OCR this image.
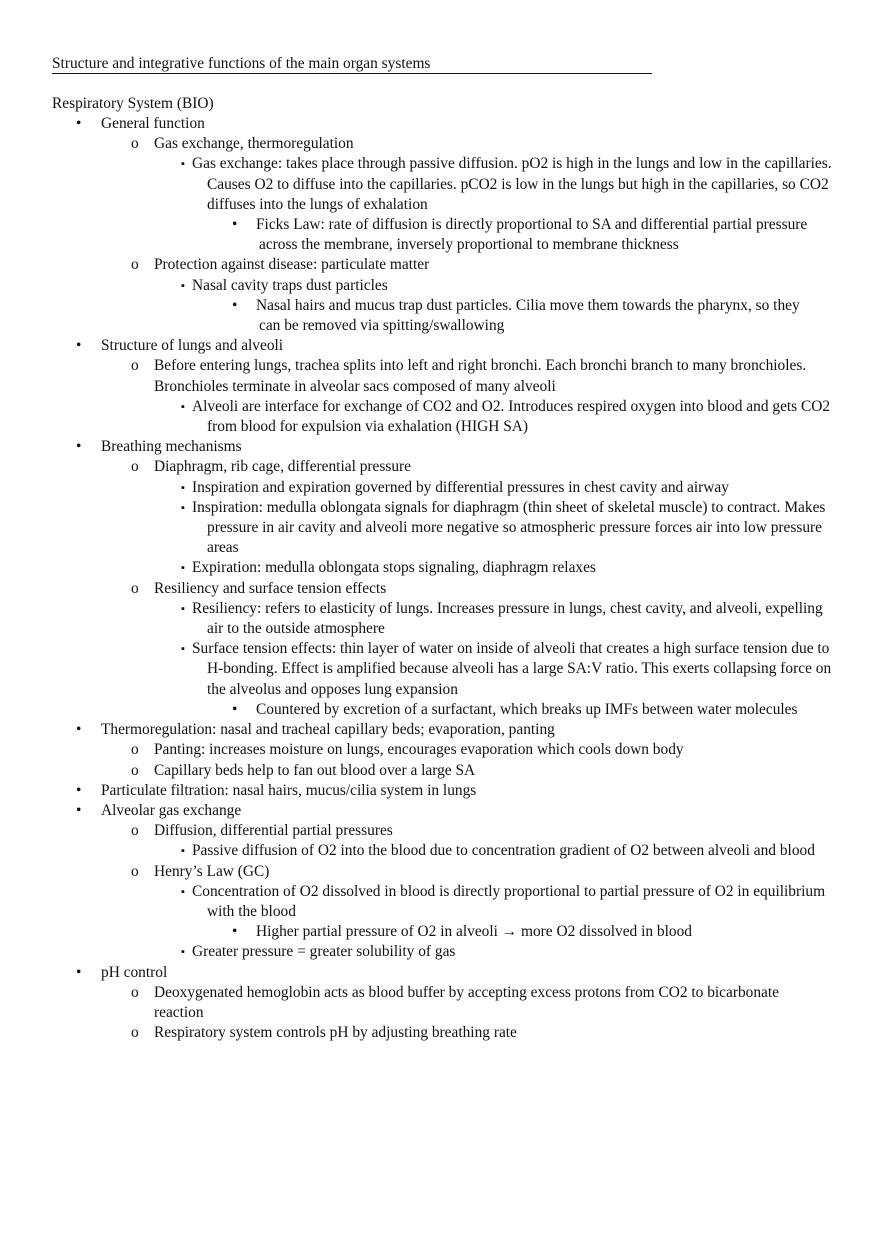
Structure and integrative functions of the main organ systems
Respiratory System (BIO)
• General function
o Gas exchange, thermoregulation
▪ Gas exchange: takes place through passive diffusion. pO2 is high in the lungs and low in the capillaries. Causes O2 to diffuse into the capillaries. pCO2 is low in the lungs but high in the capillaries, so CO2 diffuses into the lungs of exhalation
• Ficks Law: rate of diffusion is directly proportional to SA and differential partial pressure across the membrane, inversely proportional to membrane thickness
o Protection against disease: particulate matter
▪ Nasal cavity traps dust particles
• Nasal hairs and mucus trap dust particles. Cilia move them towards the pharynx, so they can be removed via spitting/swallowing
• Structure of lungs and alveoli
o Before entering lungs, trachea splits into left and right bronchi. Each bronchi branch to many bronchioles. Bronchioles terminate in alveolar sacs composed of many alveoli
▪ Alveoli are interface for exchange of CO2 and O2. Introduces respired oxygen into blood and gets CO2 from blood for expulsion via exhalation (HIGH SA)
• Breathing mechanisms
o Diaphragm, rib cage, differential pressure
▪ Inspiration and expiration governed by differential pressures in chest cavity and airway
▪ Inspiration: medulla oblongata signals for diaphragm (thin sheet of skeletal muscle) to contract. Makes pressure in air cavity and alveoli more negative so atmospheric pressure forces air into low pressure areas
▪ Expiration: medulla oblongata stops signaling, diaphragm relaxes
o Resiliency and surface tension effects
▪ Resiliency: refers to elasticity of lungs. Increases pressure in lungs, chest cavity, and alveoli, expelling air to the outside atmosphere
▪ Surface tension effects: thin layer of water on inside of alveoli that creates a high surface tension due to H-bonding. Effect is amplified because alveoli has a large SA:V ratio. This exerts collapsing force on the alveolus and opposes lung expansion
• Countered by excretion of a surfactant, which breaks up IMFs between water molecules
• Thermoregulation: nasal and tracheal capillary beds; evaporation, panting
o Panting: increases moisture on lungs, encourages evaporation which cools down body
o Capillary beds help to fan out blood over a large SA
• Particulate filtration: nasal hairs, mucus/cilia system in lungs
• Alveolar gas exchange
o Diffusion, differential partial pressures
▪ Passive diffusion of O2 into the blood due to concentration gradient of O2 between alveoli and blood
o Henry’s Law (GC)
▪ Concentration of O2 dissolved in blood is directly proportional to partial pressure of O2 in equilibrium with the blood
• Higher partial pressure of O2 in alveoli → more O2 dissolved in blood
▪ Greater pressure = greater solubility of gas
• pH control
o Deoxygenated hemoglobin acts as blood buffer by accepting excess protons from CO2 to bicarbonate reaction
o Respiratory system controls pH by adjusting breathing rate
